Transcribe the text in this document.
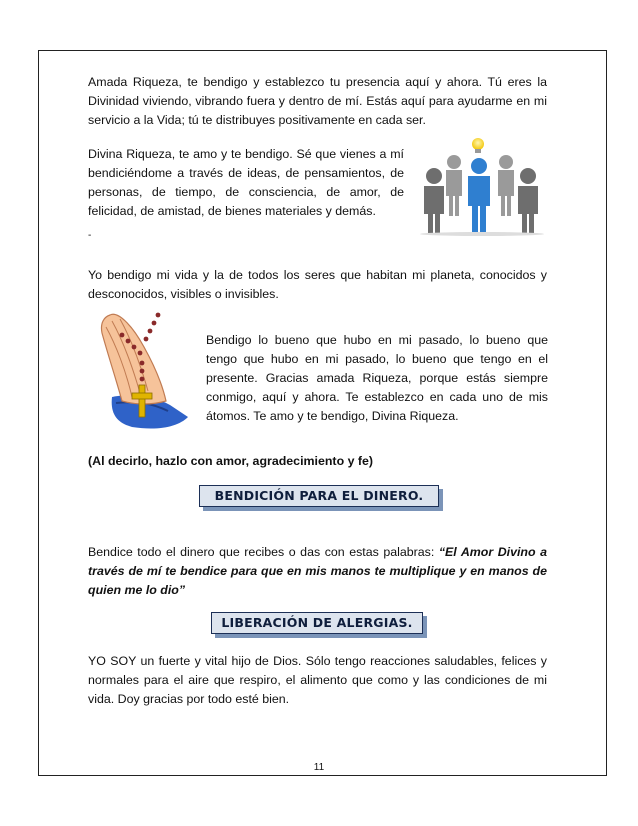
Amada Riqueza, te bendigo y establezco tu presencia aquí y ahora. Tú eres la Divinidad viviendo, vibrando fuera y dentro de mí. Estás aquí para ayudarme en mi servicio a la Vida; tú te distribuyes positivamente en cada ser.

Divina Riqueza, te amo y te bendigo. Sé que vienes a mí bendiciéndome a través de ideas, de pensamientos, de personas, de tiempo, de consciencia, de amor, de felicidad, de amistad, de bienes materiales y demás.

-

Yo bendigo mi vida y la de todos los seres que habitan mi planeta, conocidos y desconocidos, visibles o invisibles.

Bendigo lo bueno que hubo en mi pasado, lo bueno que tengo que hubo en mi pasado, lo bueno que tengo en el presente. Gracias amada Riqueza, porque estás siempre conmigo, aquí y ahora. Te establezco en cada uno de mis átomos. Te amo y te bendigo, Divina Riqueza.

(Al decirlo, hazlo con amor, agradecimiento y fe)

BENDICIÓN PARA EL DINERO.

Bendice todo el dinero que recibes o das con estas palabras: “El Amor Divino a través de mí te bendice para que en mis manos te multiplique y en manos de quien me lo dio”

LIBERACIÓN DE ALERGIAS.

YO SOY un fuerte y vital hijo de Dios. Sólo tengo reacciones saludables, felices y normales para el aire que respiro, el alimento que como y las condiciones de mi vida. Doy gracias por todo esté bien.

11
